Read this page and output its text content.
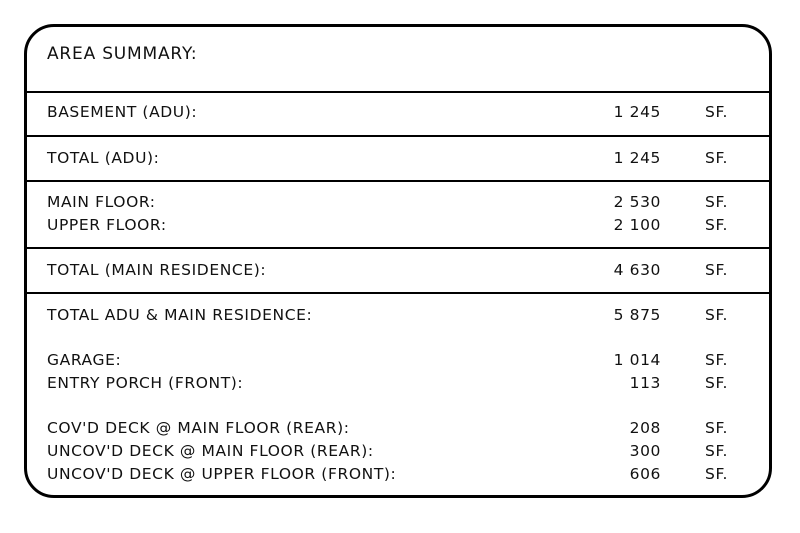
AREA SUMMARY:
BASEMENT (ADU):	1 245	SF.
TOTAL (ADU):	1 245	SF.
MAIN FLOOR:	2 530	SF.
UPPER FLOOR:	2 100	SF.
TOTAL (MAIN RESIDENCE):	4 630	SF.
TOTAL ADU & MAIN RESIDENCE:	5 875	SF.
GARAGE:	1 014	SF.
ENTRY PORCH (FRONT):	113	SF.
COV'D DECK @ MAIN FLOOR (REAR):	208	SF.
UNCOV'D DECK @ MAIN FLOOR (REAR):	300	SF.
UNCOV'D DECK @ UPPER FLOOR (FRONT):	606	SF.
